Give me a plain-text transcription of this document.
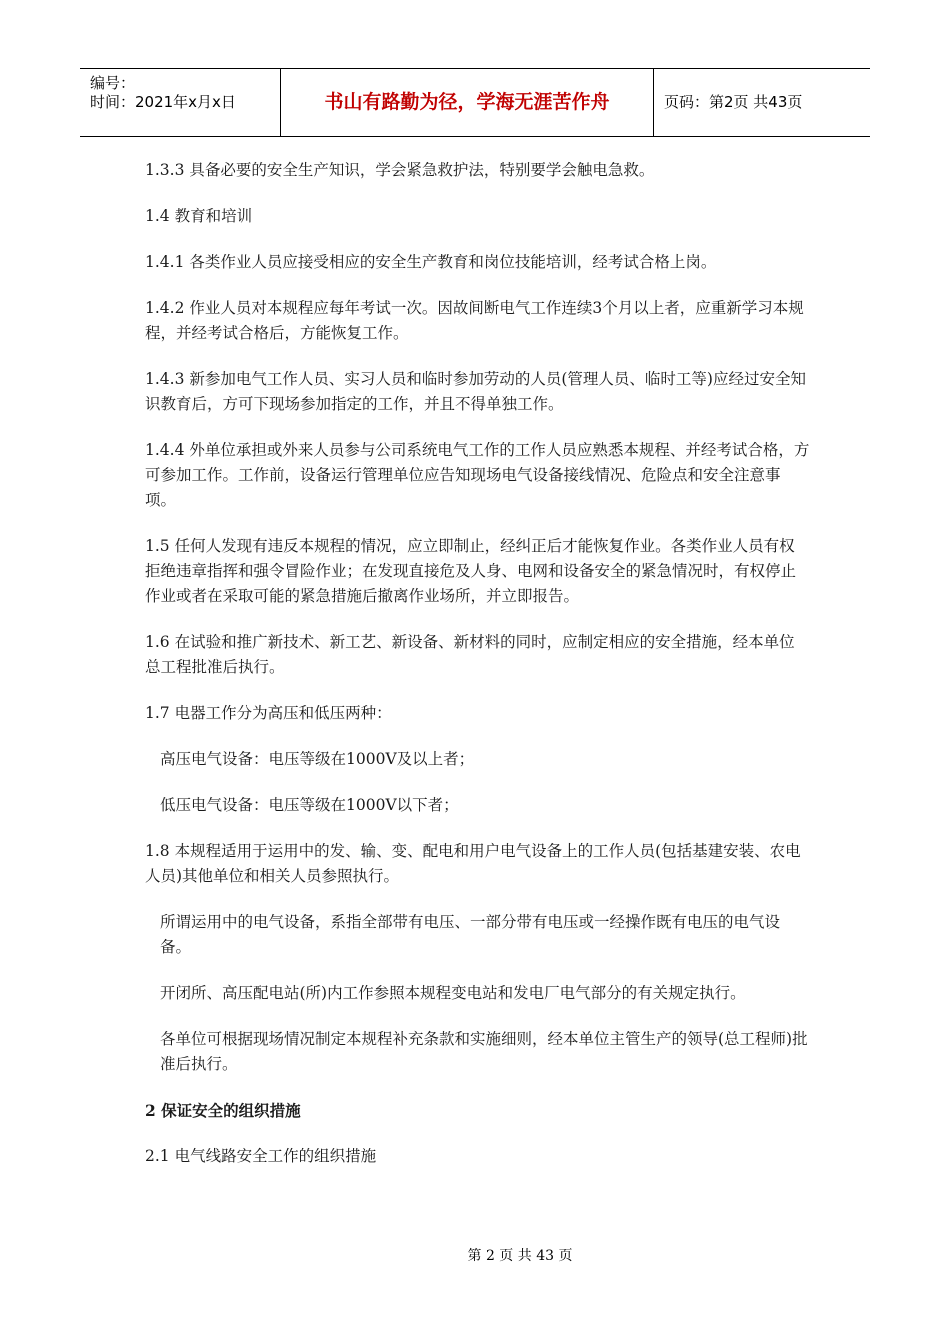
编号：
时间：2021年x月x日	书山有路勤为径，学海无涯苦作舟	页码：第2页 共43页

1.3.3 具备必要的安全生产知识，学会紧急救护法，特别要学会触电急救。

1.4 教育和培训

1.4.1 各类作业人员应接受相应的安全生产教育和岗位技能培训，经考试合格上岗。

1.4.2 作业人员对本规程应每年考试一次。因故间断电气工作连续3个月以上者，应重新学习本规程，并经考试合格后，方能恢复工作。

1.4.3 新参加电气工作人员、实习人员和临时参加劳动的人员(管理人员、临时工等)应经过安全知识教育后，方可下现场参加指定的工作，并且不得单独工作。

1.4.4 外单位承担或外来人员参与公司系统电气工作的工作人员应熟悉本规程、并经考试合格，方可参加工作。工作前，设备运行管理单位应告知现场电气设备接线情况、危险点和安全注意事项。

1.5 任何人发现有违反本规程的情况，应立即制止，经纠正后才能恢复作业。各类作业人员有权拒绝违章指挥和强令冒险作业；在发现直接危及人身、电网和设备安全的紧急情况时，有权停止作业或者在采取可能的紧急措施后撤离作业场所，并立即报告。

1.6 在试验和推广新技术、新工艺、新设备、新材料的同时，应制定相应的安全措施，经本单位总工程批准后执行。

1.7 电器工作分为高压和低压两种：

高压电气设备：电压等级在1000V及以上者；

低压电气设备：电压等级在1000V以下者；

1.8 本规程适用于运用中的发、输、变、配电和用户电气设备上的工作人员(包括基建安装、农电人员)其他单位和相关人员参照执行。

所谓运用中的电气设备，系指全部带有电压、一部分带有电压或一经操作既有电压的电气设备。

开闭所、高压配电站(所)内工作参照本规程变电站和发电厂电气部分的有关规定执行。

各单位可根据现场情况制定本规程补充条款和实施细则，经本单位主管生产的领导(总工程师)批准后执行。

2 保证安全的组织措施

2.1 电气线路安全工作的组织措施

第 2 页 共 43 页
